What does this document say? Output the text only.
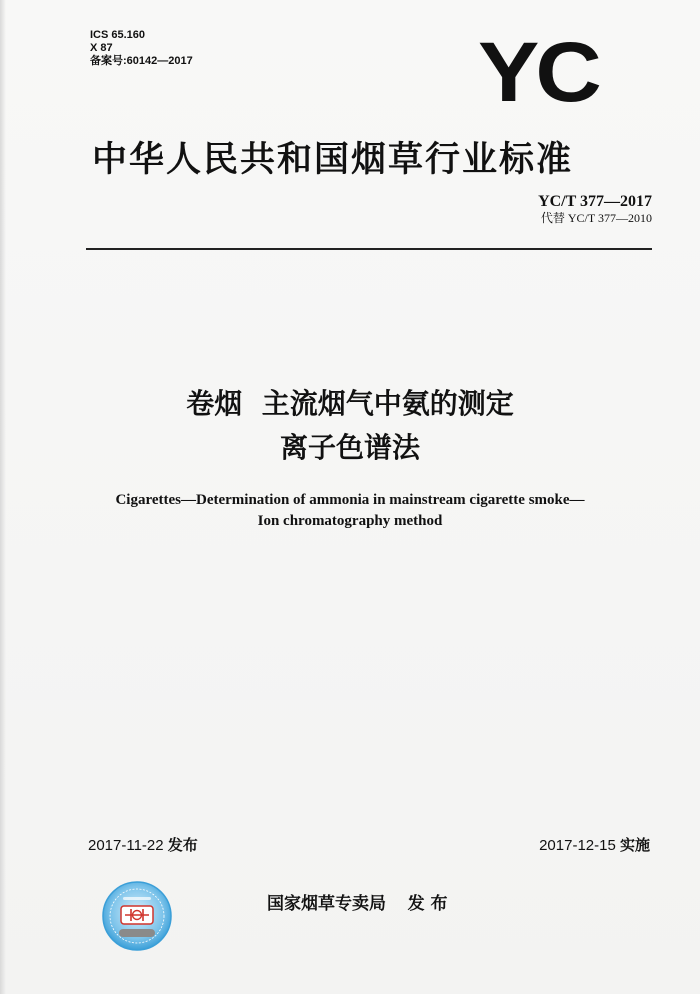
ICS 65.160
X 87
备案号:60142—2017	YC
中华人民共和国烟草行业标准
YC/T 377—2017
代替 YC/T 377—2010
卷烟  主流烟气中氨的测定
离子色谱法
Cigarettes—Determination of ammonia in mainstream cigarette smoke—
Ion chromatography method
2017-11-22 发布	2017-12-15 实施
国家烟草专卖局 发 布
